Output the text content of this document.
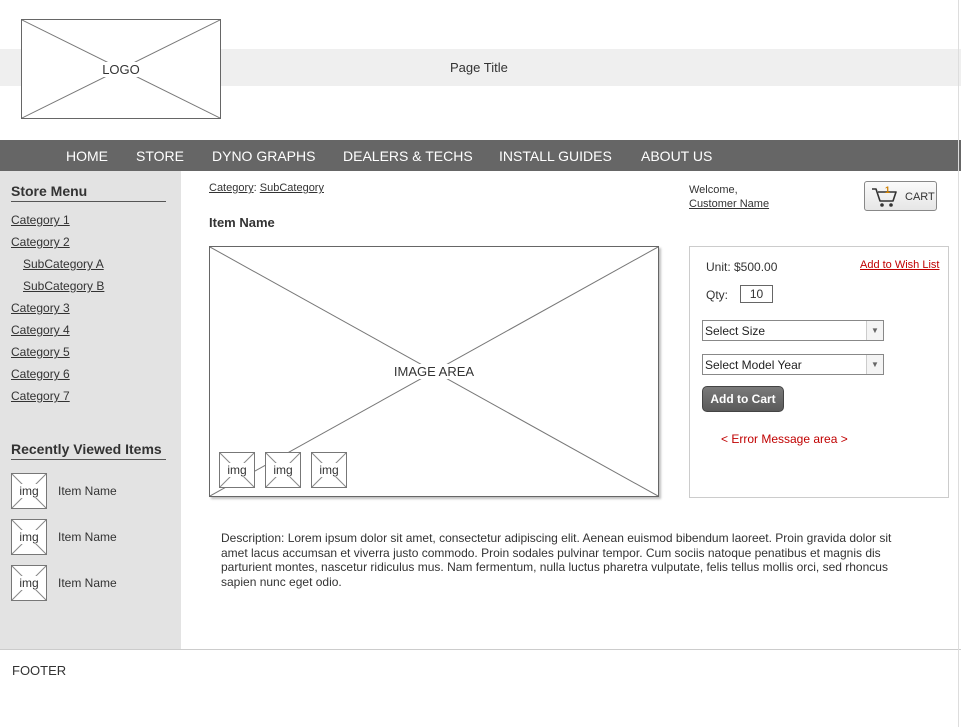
LOGO	Page Title
HOME STORE DYNO GRAPHS DEALERS & TECHS INSTALL GUIDES ABOUT US
Store Menu
Category 1
Category 2
SubCategory A
SubCategory B
Category 3
Category 4
Category 5
Category 6
Category 7
Recently Viewed Items
img Item Name
img Item Name
img Item Name
Category: SubCategory
Item Name
Welcome,
Customer Name
1
CART
IMAGE AREA
img img img
Unit: $500.00	Add to Wish List
Qty:
10
Select Size	▼
Select Model Year	▼
Add to Cart
< Error Message area >
Description: Lorem ipsum dolor sit amet, consectetur adipiscing elit. Aenean euismod bibendum laoreet. Proin gravida dolor sit amet lacus accumsan et viverra justo commodo. Proin sodales pulvinar tempor. Cum sociis natoque penatibus et magnis dis parturient montes, nascetur ridiculus mus. Nam fermentum, nulla luctus pharetra vulputate, felis tellus mollis orci, sed rhoncus sapien nunc eget odio.
FOOTER
